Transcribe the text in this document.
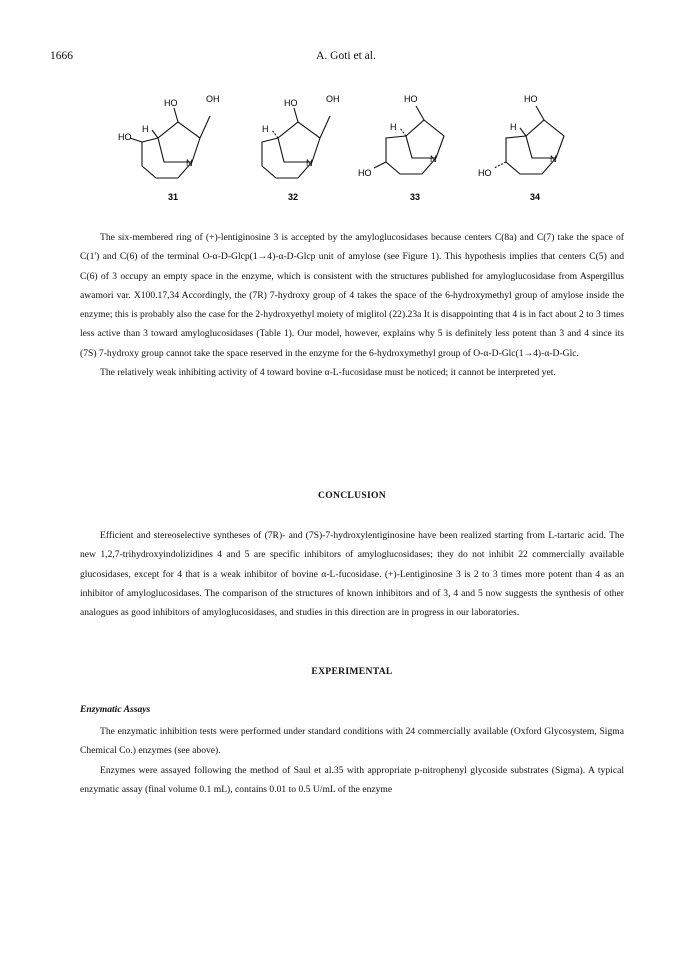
1666	A. Goti et al.
HO	OH
H
HO
N
31
HO	OH
H
N
32
HO
H
N
HO
33
HO
H
N
HO
34

The six-membered ring of (+)-lentiginosine 3 is accepted by the amyloglucosidases because centers C(8a) and C(7) take the space of C(1') and C(6) of the terminal O-α-D-Glcp(1→4)-α-D-Glcp unit of amylose (see Figure 1). This hypothesis implies that centers C(5) and C(6) of 3 occupy an empty space in the enzyme, which is consistent with the structures published for amyloglucosidase from Aspergillus awamori var. X100.17,34 Accordingly, the (7R) 7-hydroxy group of 4 takes the space of the 6-hydroxymethyl group of amylose inside the enzyme; this is probably also the case for the 2-hydroxyethyl moiety of miglitol (22).23a It is disappointing that 4 is in fact about 2 to 3 times less active than 3 toward amyloglucosidases (Table 1). Our model, however, explains why 5 is definitely less potent than 3 and 4 since its (7S) 7-hydroxy group cannot take the space reserved in the enzyme for the 6-hydroxymethyl group of O-α-D-Glc(1→4)-α-D-Glc.

The relatively weak inhibiting activity of 4 toward bovine α-L-fucosidase must be noticed; it cannot be interpreted yet.

CONCLUSION

Efficient and stereoselective syntheses of (7R)- and (7S)-7-hydroxylentiginosine have been realized starting from L-tartaric acid. The new 1,2,7-trihydroxyindolizidines 4 and 5 are specific inhibitors of amyloglucosidases; they do not inhibit 22 commercially available glucosidases, except for 4 that is a weak inhibitor of bovine α-L-fucosidase. (+)-Lentiginosine 3 is 2 to 3 times more potent than 4 as an inhibitor of amyloglucosidases. The comparison of the structures of known inhibitors and of 3, 4 and 5 now suggests the synthesis of other analogues as good inhibitors of amyloglucosidases, and studies in this direction are in progress in our laboratories.

EXPERIMENTAL
Enzymatic Assays

The enzymatic inhibition tests were performed under standard conditions with 24 commercially available (Oxford Glycosystem, Sigma Chemical Co.) enzymes (see above).

Enzymes were assayed following the method of Saul et al.35 with appropriate p-nitrophenyl glycoside substrates (Sigma). A typical enzymatic assay (final volume 0.1 mL), contains 0.01 to 0.5 U/mL of the enzyme
